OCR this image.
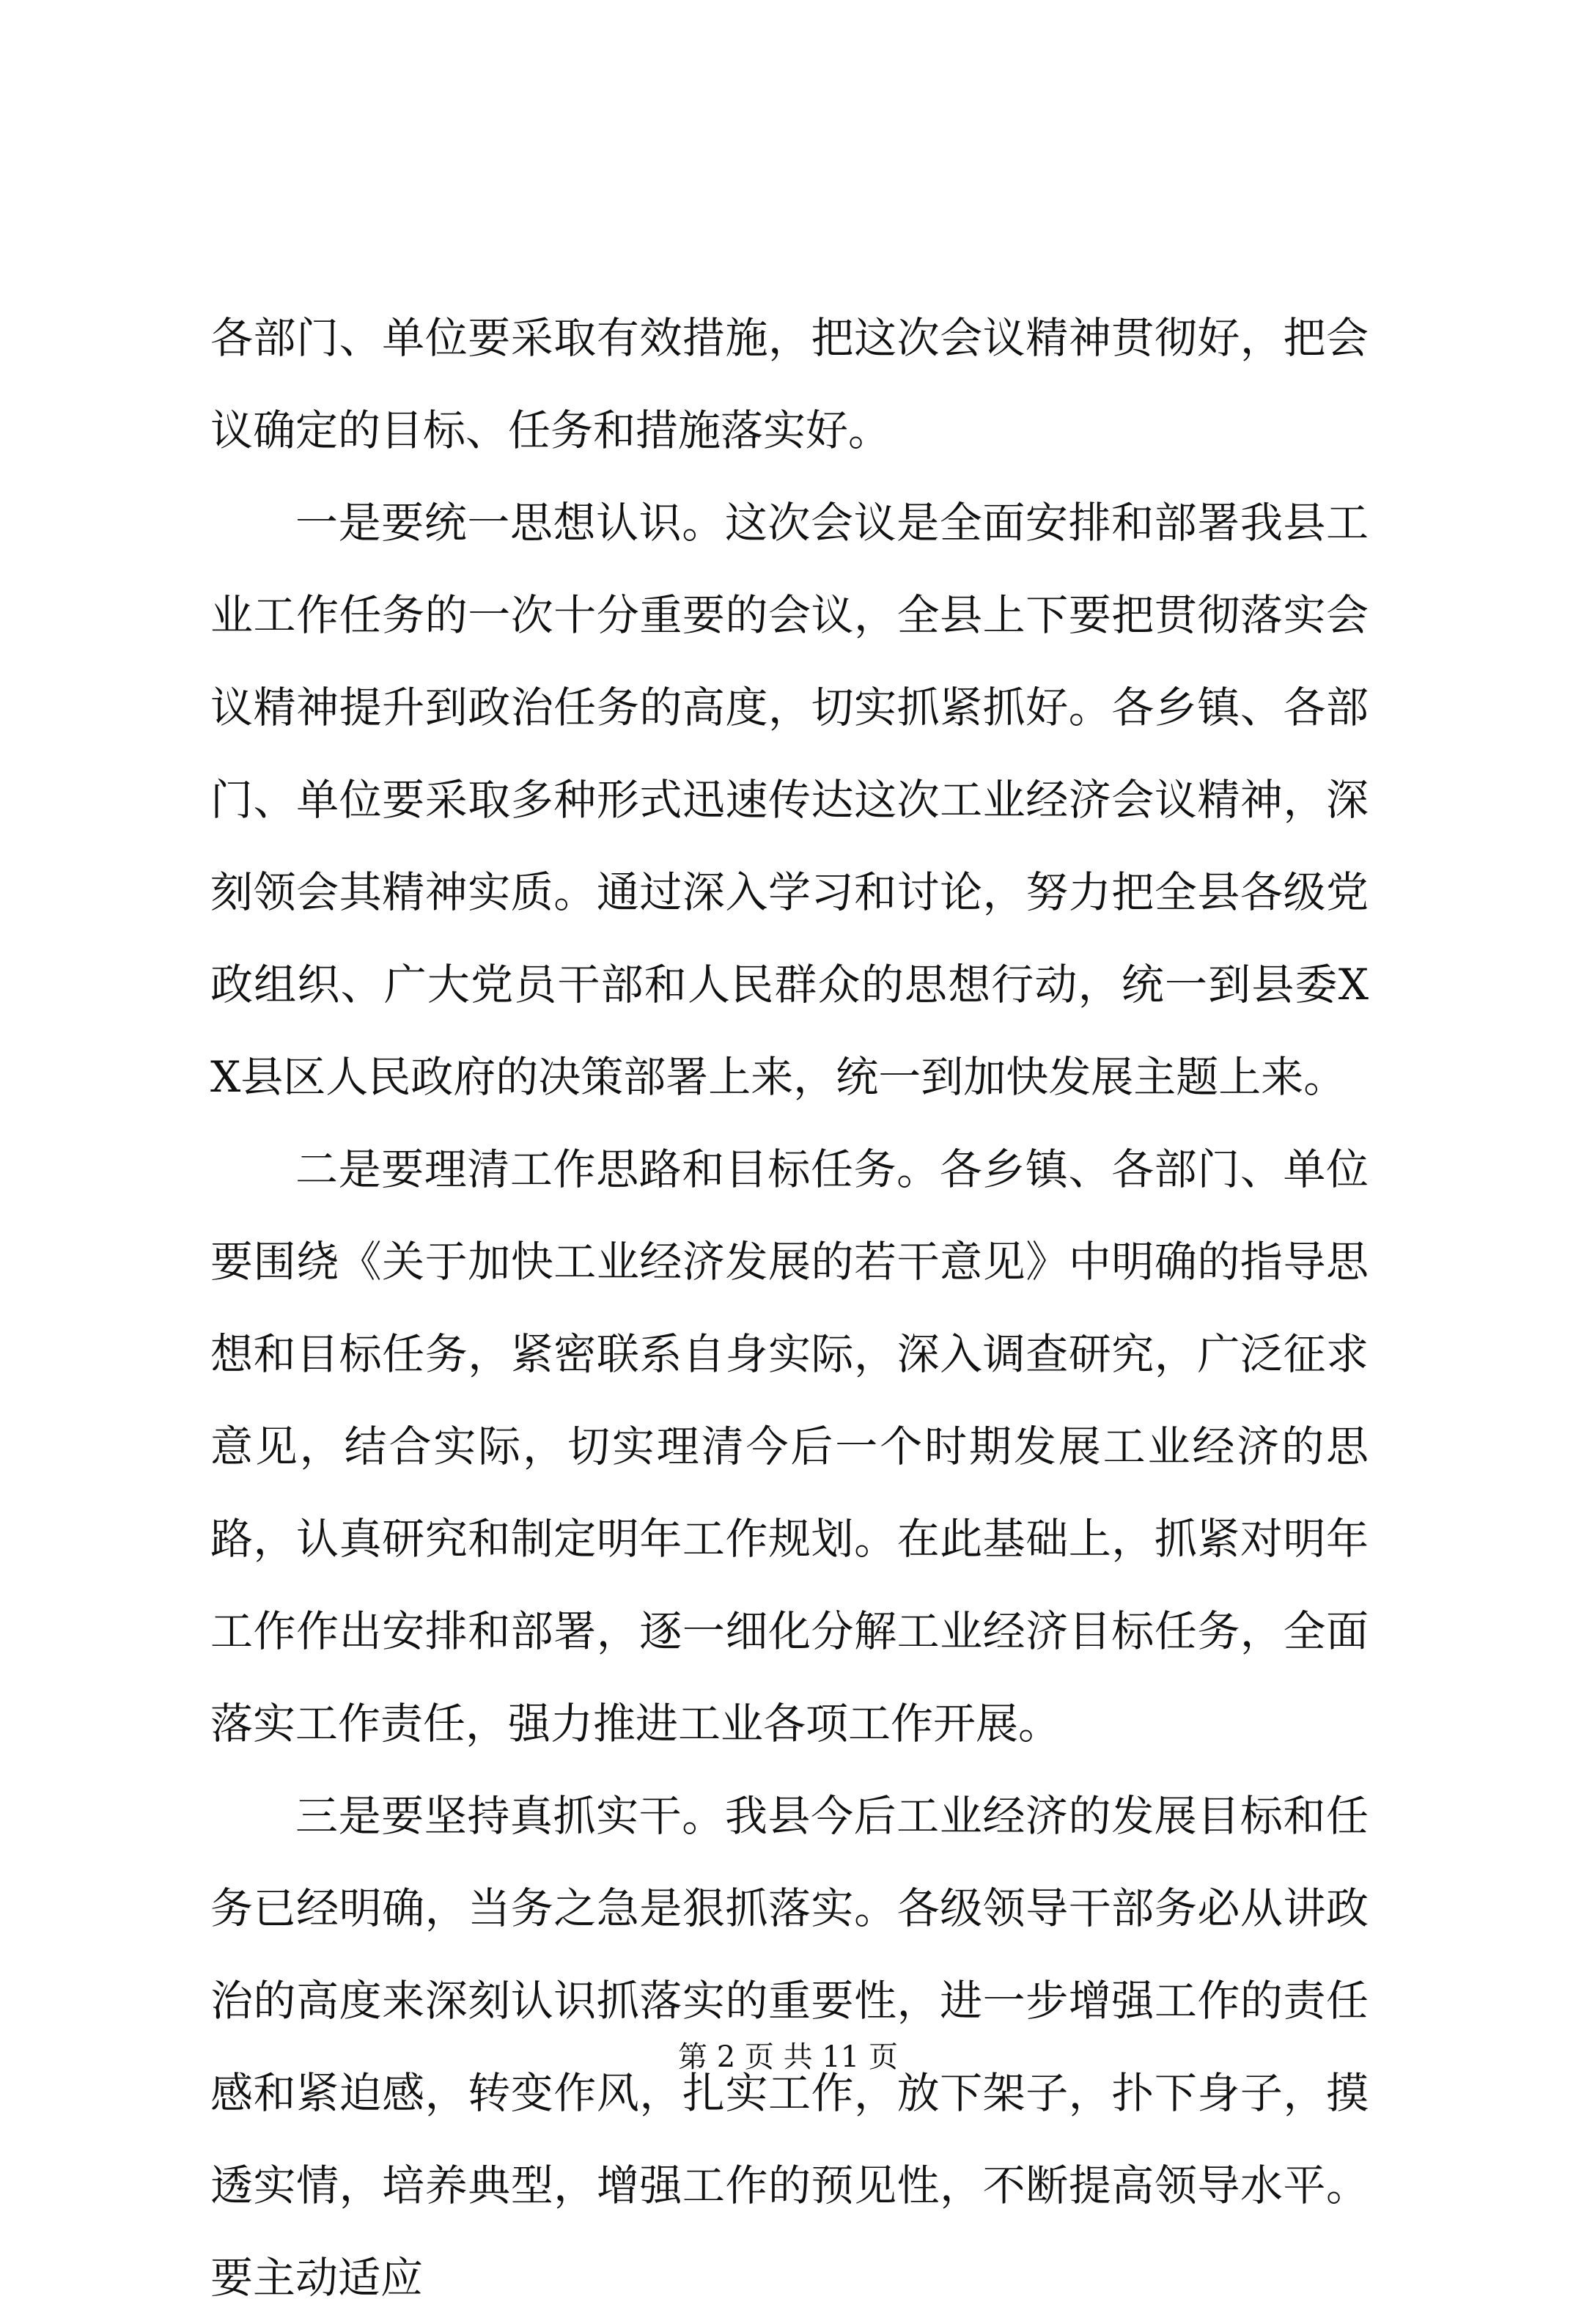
各部门、单位要采取有效措施，把这次会议精神贯彻好，把会议确定的目标、任务和措施落实好。

一是要统一思想认识。这次会议是全面安排和部署我县工业工作任务的一次十分重要的会议，全县上下要把贯彻落实会议精神提升到政治任务的高度，切实抓紧抓好。各乡镇、各部门、单位要采取多种形式迅速传达这次工业经济会议精神，深刻领会其精神实质。通过深入学习和讨论，努力把全县各级党政组织、广大党员干部和人民群众的思想行动，统一到县委XX县区人民政府的决策部署上来，统一到加快发展主题上来。

二是要理清工作思路和目标任务。各乡镇、各部门、单位要围绕《关于加快工业经济发展的若干意见》中明确的指导思想和目标任务，紧密联系自身实际，深入调查研究，广泛征求意见，结合实际，切实理清今后一个时期发展工业经济的思路，认真研究和制定明年工作规划。在此基础上，抓紧对明年工作作出安排和部署，逐一细化分解工业经济目标任务，全面落实工作责任，强力推进工业各项工作开展。

三是要坚持真抓实干。我县今后工业经济的发展目标和任务已经明确，当务之急是狠抓落实。各级领导干部务必从讲政治的高度来深刻认识抓落实的重要性，进一步增强工作的责任感和紧迫感，转变作风，扎实工作，放下架子，扑下身子，摸透实情，培养典型，增强工作的预见性，不断提高领导水平。要主动适应

第 2 页 共 11 页
